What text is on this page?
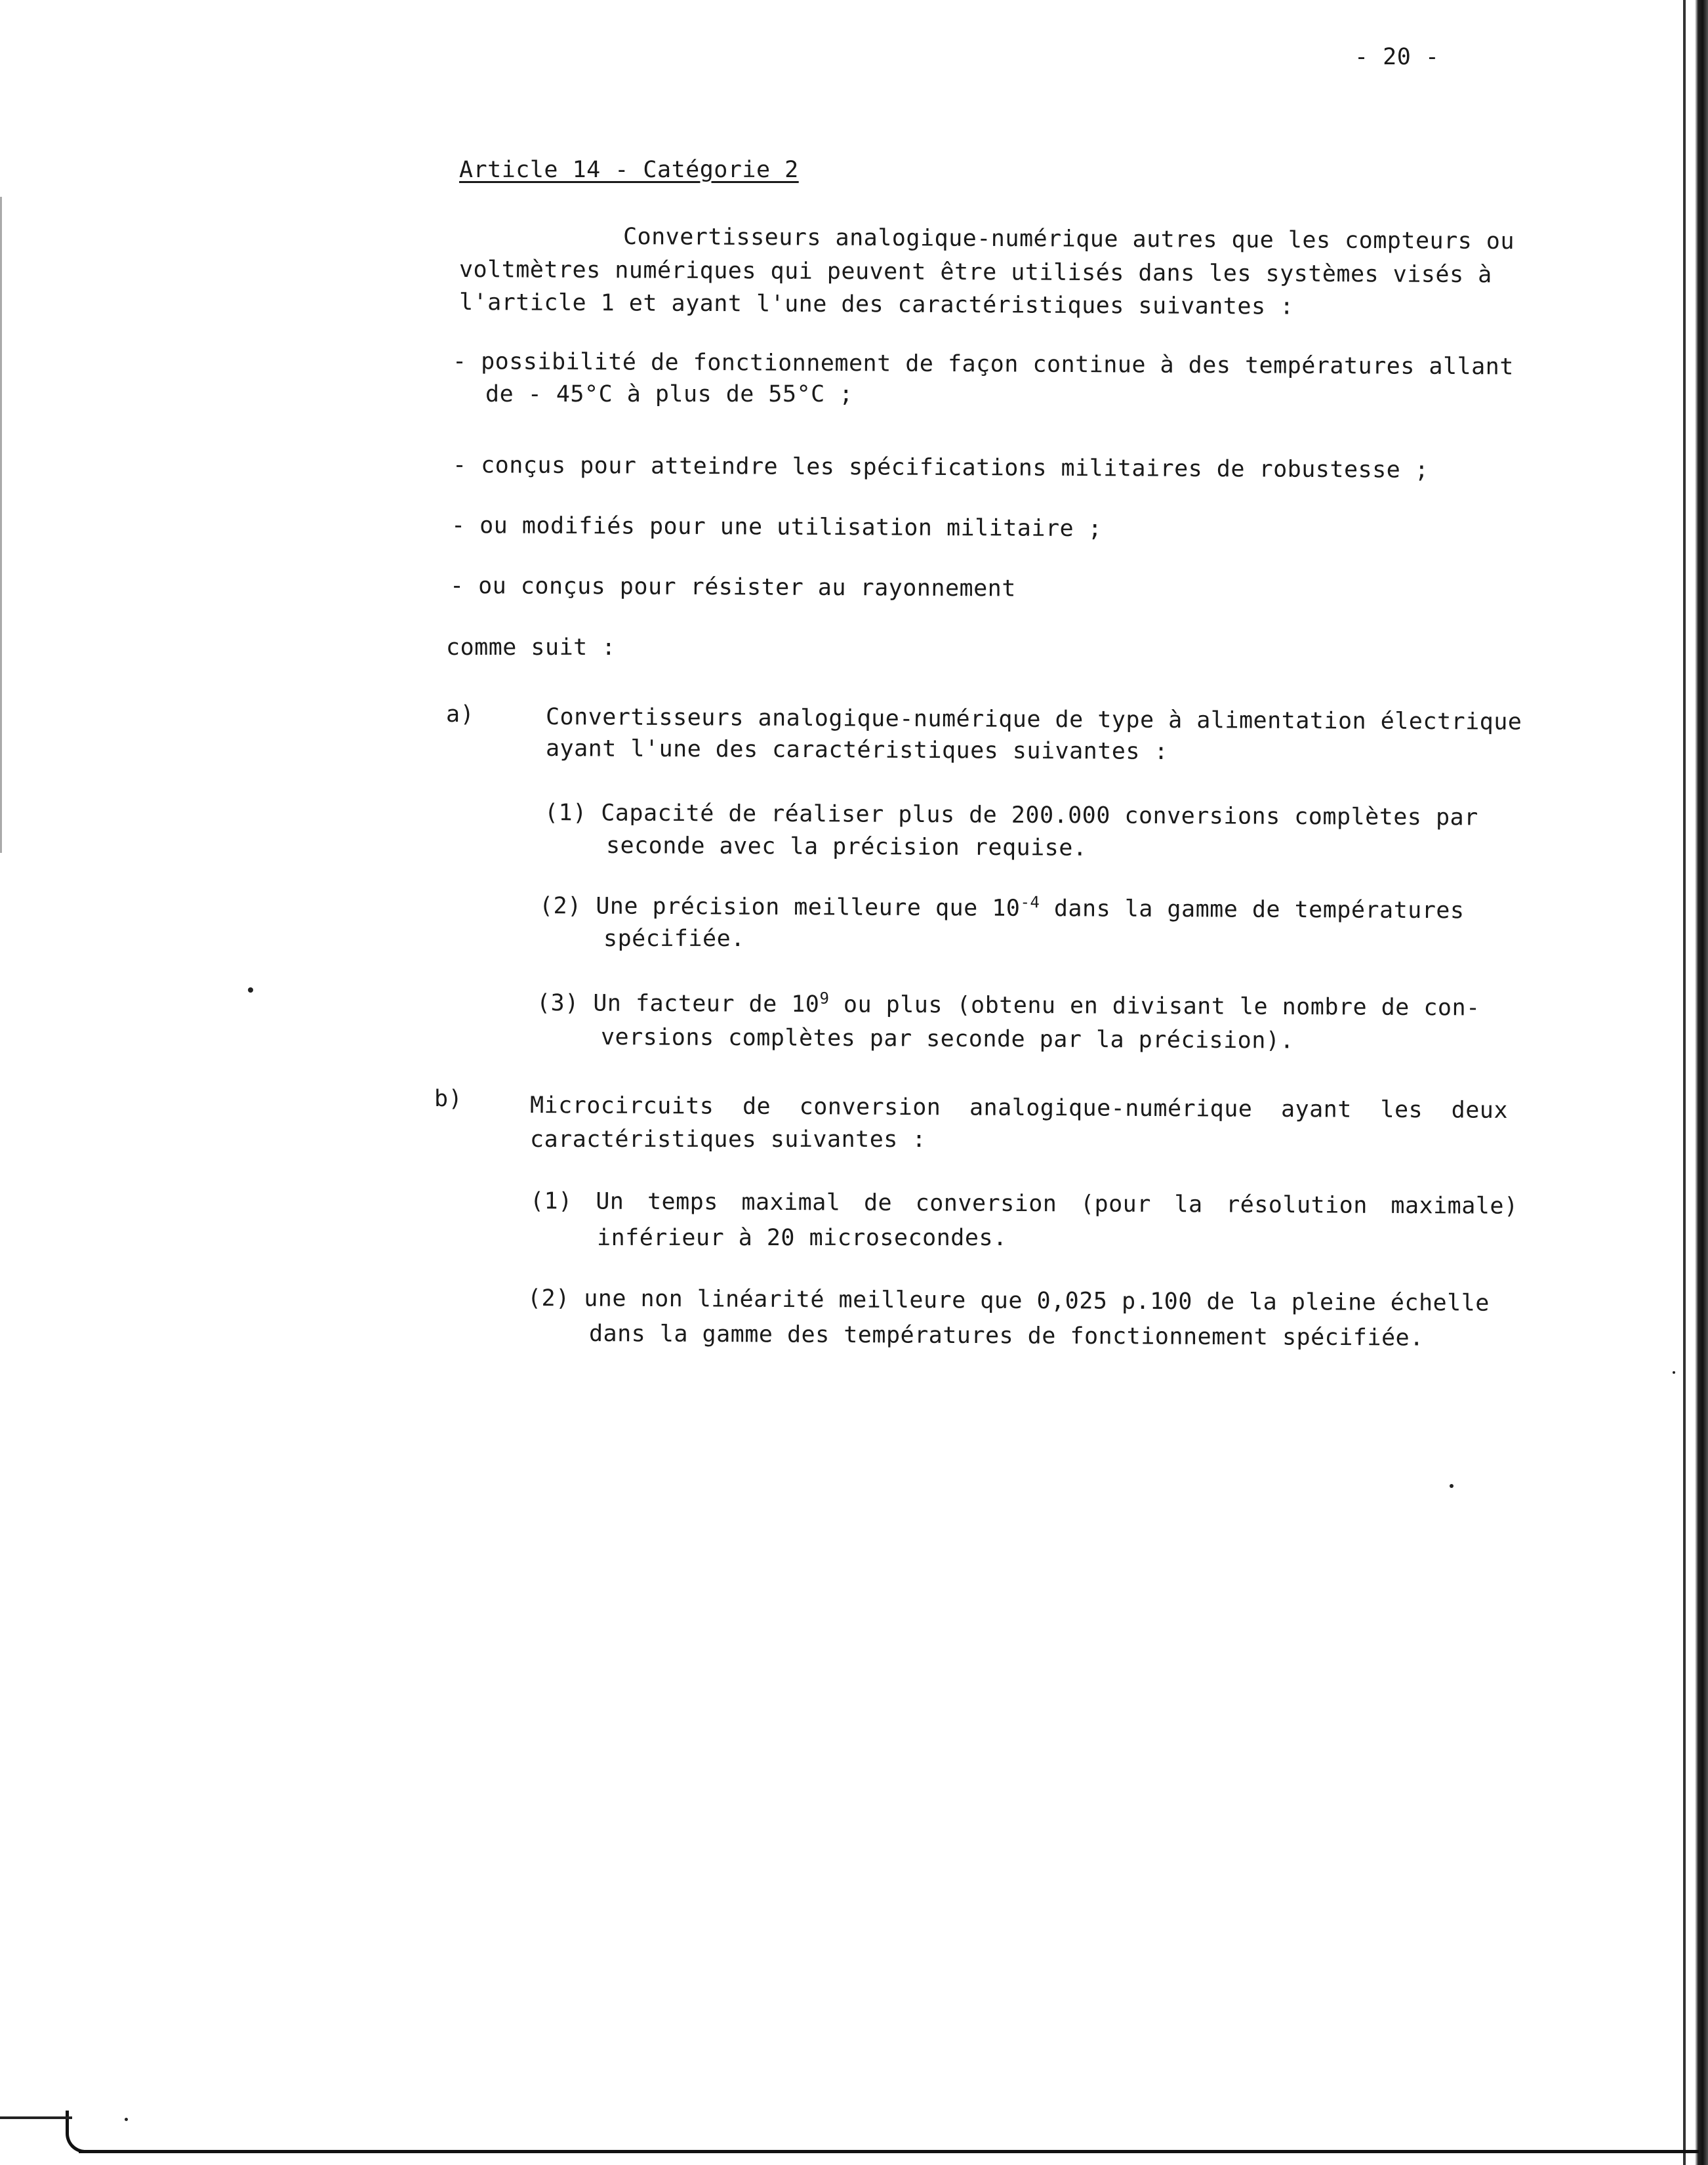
- 20 -
Article 14 - Catégorie 2
Convertisseurs analogique-numérique autres que les compteurs ou
voltmètres numériques qui peuvent être utilisés dans les systèmes visés à
l'article 1 et ayant l'une des caractéristiques suivantes :
- possibilité de fonctionnement de façon continue à des températures allant
de - 45°C à plus de 55°C ;
- conçus pour atteindre les spécifications militaires de robustesse ;
- ou modifiés pour une utilisation militaire ;
- ou conçus pour résister au rayonnement
comme suit :
a)	Convertisseurs analogique-numérique de type à alimentation électrique
ayant l'une des caractéristiques suivantes :
(1) Capacité de réaliser plus de 200.000 conversions complètes par
seconde avec la précision requise.
(2) Une précision meilleure que $10^{-4}$ dans la gamme de températures
spécifiée.
(3) Un facteur de $10^9$ ou plus (obtenu en divisant le nombre de con-
versions complètes par seconde par la précision).
b)	Microcircuits de conversion analogique-numérique ayant les deux
caractéristiques suivantes :
(1) Un temps maximal de conversion (pour la résolution maximale)
inférieur à 20 microsecondes.
(2) une non linéarité meilleure que 0,025 p.100 de la pleine échelle
dans la gamme des températures de fonctionnement spécifiée.
